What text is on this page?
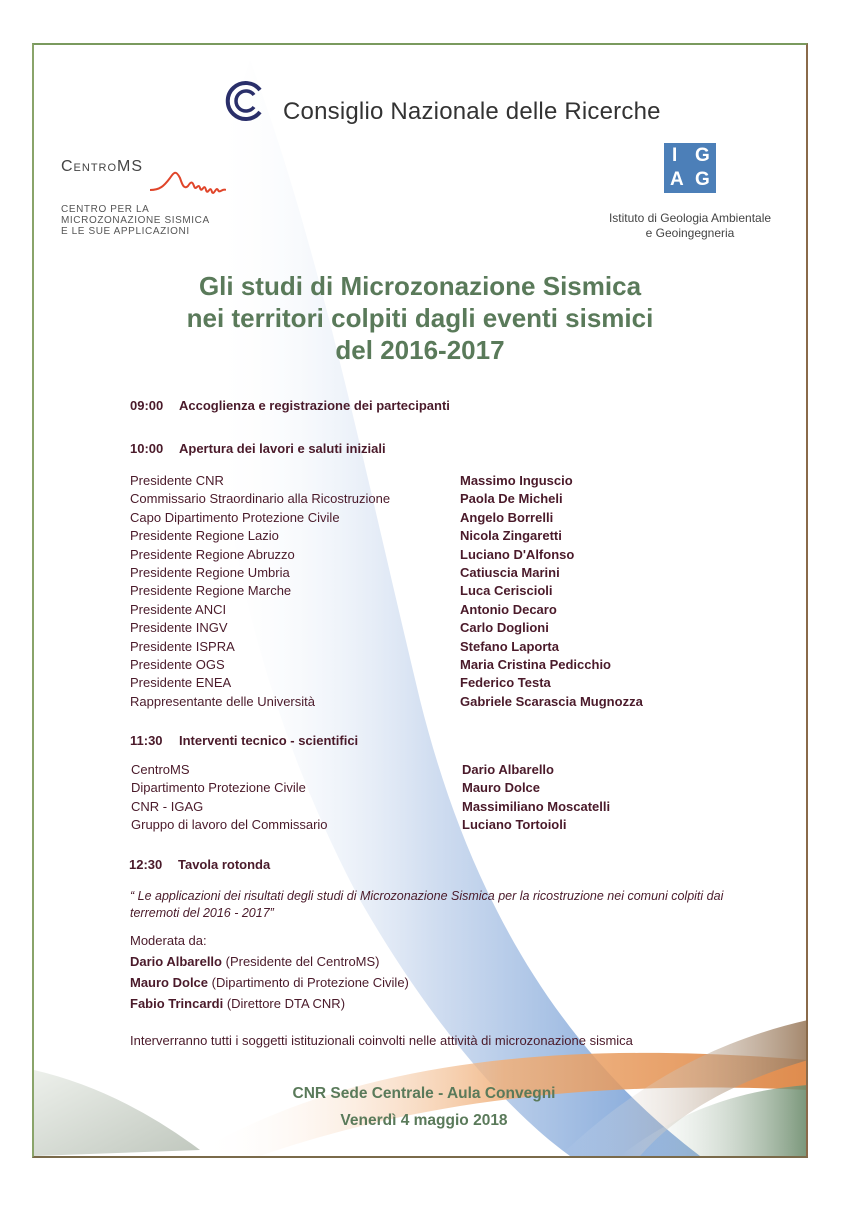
Consiglio Nazionale delle Ricerche
CentroMS
CENTRO PER LA
MICROZONAZIONE SISMICA
E LE SUE APPLICAZIONI
I G
A G
Istituto di Geologia Ambientale
e Geoingegneria
Gli studi di Microzonazione Sismica
nei territori colpiti dagli eventi sismici
del 2016-2017
09:00 Accoglienza e registrazione dei partecipanti
10:00 Apertura dei lavori e saluti iniziali
Presidente CNR
Commissario Straordinario alla Ricostruzione
Capo Dipartimento Protezione Civile
Presidente Regione Lazio
Presidente Regione Abruzzo
Presidente Regione Umbria
Presidente Regione Marche
Presidente ANCI
Presidente INGV
Presidente ISPRA
Presidente OGS
Presidente ENEA
Rappresentante delle Università
Massimo Inguscio
Paola De Micheli
Angelo Borrelli
Nicola Zingaretti
Luciano D'Alfonso
Catiuscia Marini
Luca Ceriscioli
Antonio Decaro
Carlo Doglioni
Stefano Laporta
Maria Cristina Pedicchio
Federico Testa
Gabriele Scarascia Mugnozza
11:30 Interventi tecnico - scientifici
CentroMS
Dipartimento Protezione Civile
CNR - IGAG
Gruppo di lavoro del Commissario
Dario Albarello
Mauro Dolce
Massimiliano Moscatelli
Luciano Tortoioli
12:30 Tavola rotonda
“ Le applicazioni dei risultati degli studi di Microzonazione Sismica per la ricostruzione nei comuni colpiti dai terremoti del 2016 - 2017”
Moderata da:
Dario Albarello (Presidente del CentroMS)
Mauro Dolce (Dipartimento di Protezione Civile)
Fabio Trincardi (Direttore DTA CNR)
Interverranno tutti i soggetti istituzionali coinvolti nelle attività di microzonazione sismica
CNR Sede Centrale - Aula Convegni
Venerdì 4 maggio 2018
